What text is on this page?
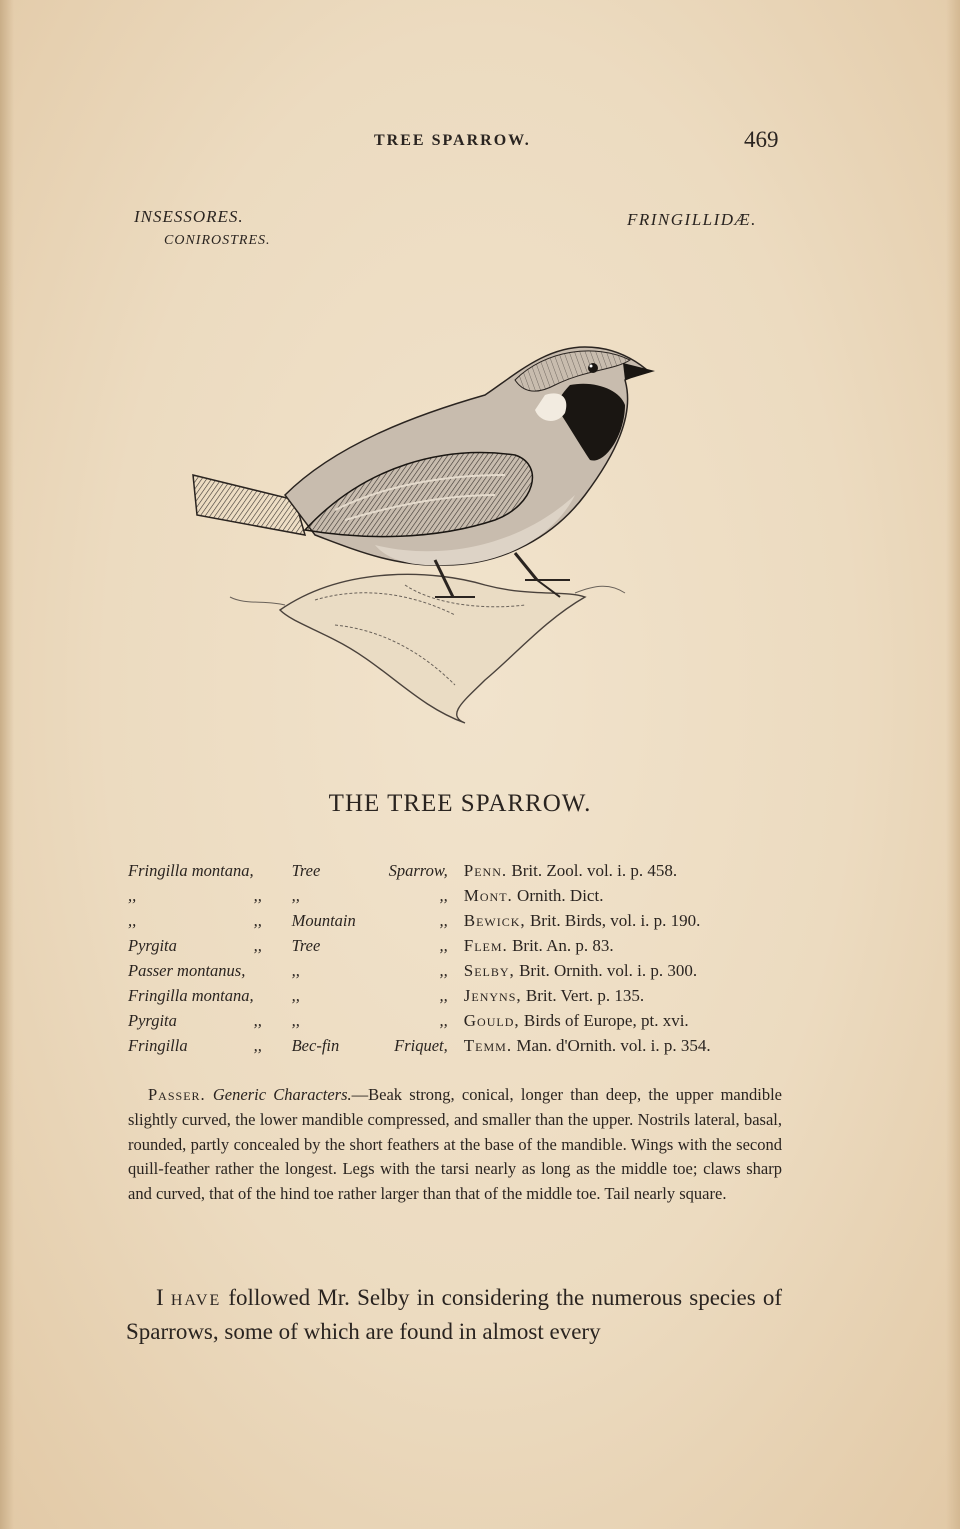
TREE SPARROW.	469
INSESSORES.
CONIROSTRES.
FRINGILLIDÆ.
THE TREE SPARROW.
Fringilla montana,		Tree	Sparrow,	Penn. Brit. Zool. vol. i. p. 458.
,,	,,	,,	,,	Mont. Ornith. Dict.
,,	,,	Mountain	,,	Bewick, Brit. Birds, vol. i. p. 190.
Pyrgita	,,	Tree	,,	Flem. Brit. An. p. 83.
Passer montanus,		,,	,,	Selby, Brit. Ornith. vol. i. p. 300.
Fringilla montana,		,,	,,	Jenyns, Brit. Vert. p. 135.
Pyrgita	,,	,,	,,	Gould, Birds of Europe, pt. xvi.
Fringilla	,,	Bec-fin	Friquet,	Temm. Man. d'Ornith. vol. i. p. 354.
Passer. Generic Characters.—Beak strong, conical, longer than deep, the upper mandible slightly curved, the lower mandible compressed, and smaller than the upper. Nostrils lateral, basal, rounded, partly concealed by the short feathers at the base of the mandible. Wings with the second quill-feather rather the longest. Legs with the tarsi nearly as long as the middle toe; claws sharp and curved, that of the hind toe rather larger than that of the middle toe. Tail nearly square.
I have followed Mr. Selby in considering the numerous species of Sparrows, some of which are found in almost every
